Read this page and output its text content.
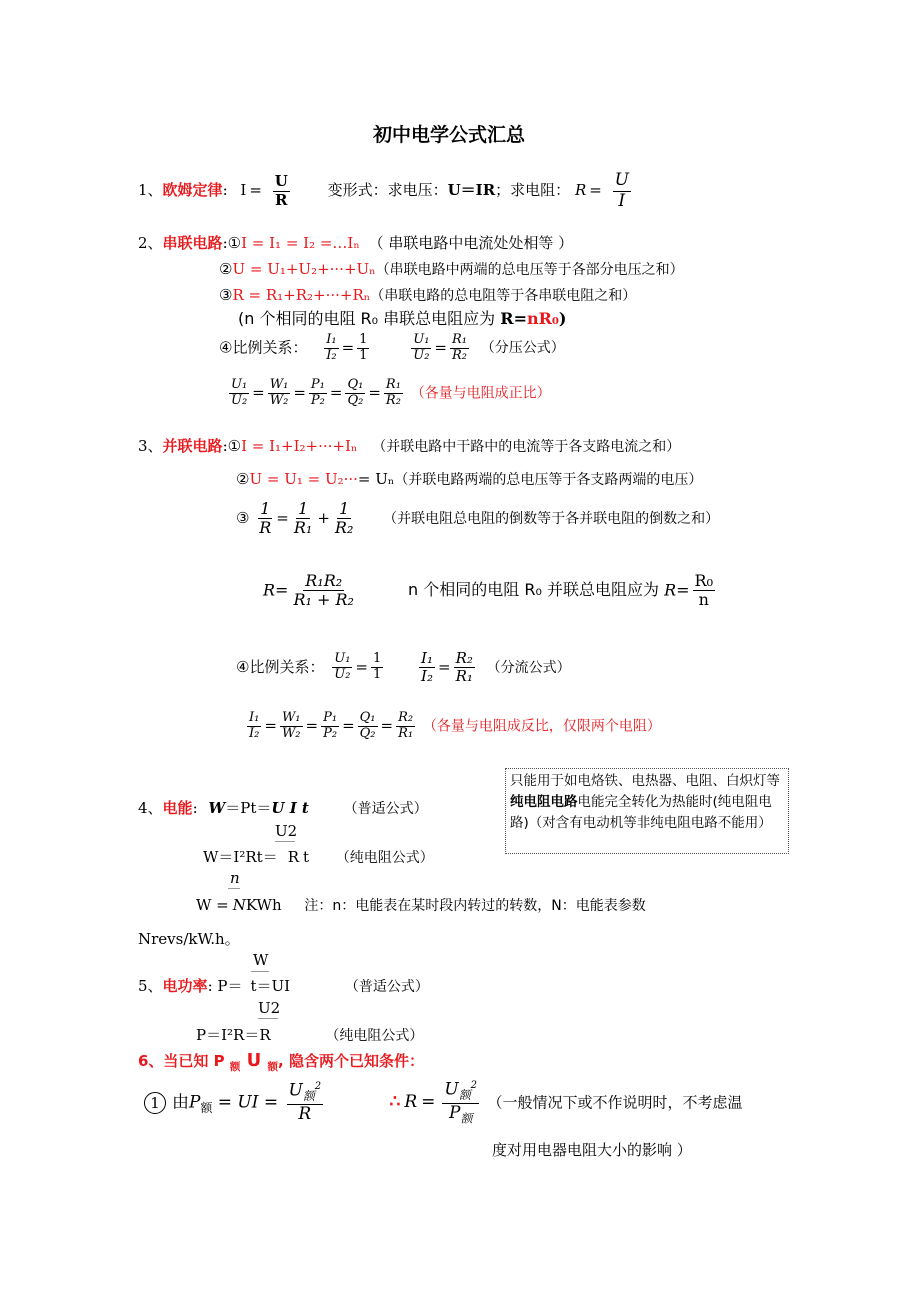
初中电学公式汇总
1、欧姆定律: $I = \frac{U}{R}$	变形式：求电压：U＝IR；求电阻： $R = \frac{U}{I}$
2、串联电路:①I = I₁ = I₂ =…Iₙ （ 串联电路中电流处处相等 ）
②U = U₁+U₂+···+Uₙ（串联电路中两端的总电压等于各部分电压之和）
③R = R₁+R₂+···+Rₙ（串联电路的总电阻等于各串联电阻之和）
(n 个相同的电阻 R₀ 串联总电阻应为 R=nR₀)
④比例关系： $\frac{\text{I₁}}{\text{I₂}} = \frac{1}{1}$
	$\frac{\text{U₁}}{\text{U₂}} = \frac{\text{R₁}}{\text{R₂}}$ （分压公式）
$\frac{\text{U₁}}{\text{U₂}} = \frac{\text{W₁}}{\text{W₂}} = \frac{\text{P₁}}{\text{P₂}} = \frac{\text{Q₁}}{\text{Q₂}} = \frac{\text{R₁}}{\text{R₂}}$ （各量与电阻成正比）
3、并联电路:①I = I₁+I₂+···+Iₙ （并联电路中干路中的电流等于各支路电流之和）
②U = U₁ = U₂···= Uₙ（并联电路两端的总电压等于各支路两端的电压）
③ $\frac{1}{R} = \frac{1}{\text{R₁}} + \frac{1}{\text{R₂}}$ （并联电阻总电阻的倒数等于各并联电阻的倒数之和）
$R= \frac{\text{R₁R₂}}{\text{R₁ + R₂}}$	n 个相同的电阻 R₀ 并联总电阻应为 $R= \frac{\text{R₀}}{n}$
④比例关系： $\frac{\text{U₁}}{\text{U₂}} = \frac{1}{1}$
$\frac{\text{I₁}}{\text{I₂}} = \frac{\text{R₂}}{\text{R₁}}$ （分流公式）
$\frac{\text{I₁}}{\text{I₂}} = \frac{\text{W₁}}{\text{W₂}} = \frac{\text{P₁}}{\text{P₂}} = \frac{\text{Q₁}}{\text{Q₂}} = \frac{\text{R₂}}{\text{R₁}}$ （各量与电阻成反比，仅限两个电阻）
只能用于如电烙铁、电热器、电阻、白炽灯等纯电阻电路电能完全转化为热能时(纯电阻电路)（对含有电动机等非纯电阻电路不能用）
4、电能: W＝Pt＝U I t （普适公式）
U2
W＝I²Rt＝ R t （纯电阻公式）
n
W = NKWh 注：n：电能表在某时段内转过的转数，N：电能表参数
Nrevs/kW.h。
W
5、电功率: P＝ t＝UI	（普适公式）
U2
P＝I²R＝R	（纯电阻公式）
6、当已知 P $_额$ U $_额$, 隐含两个已知条件：
1 由$P_额$ = UI = $\frac{U_额^2}{R}$	∴ $R = \frac{U_额^2}{P_额}$ （一般情况下或不作说明时，不考虑温
度对用电器电阻大小的影响 ）
